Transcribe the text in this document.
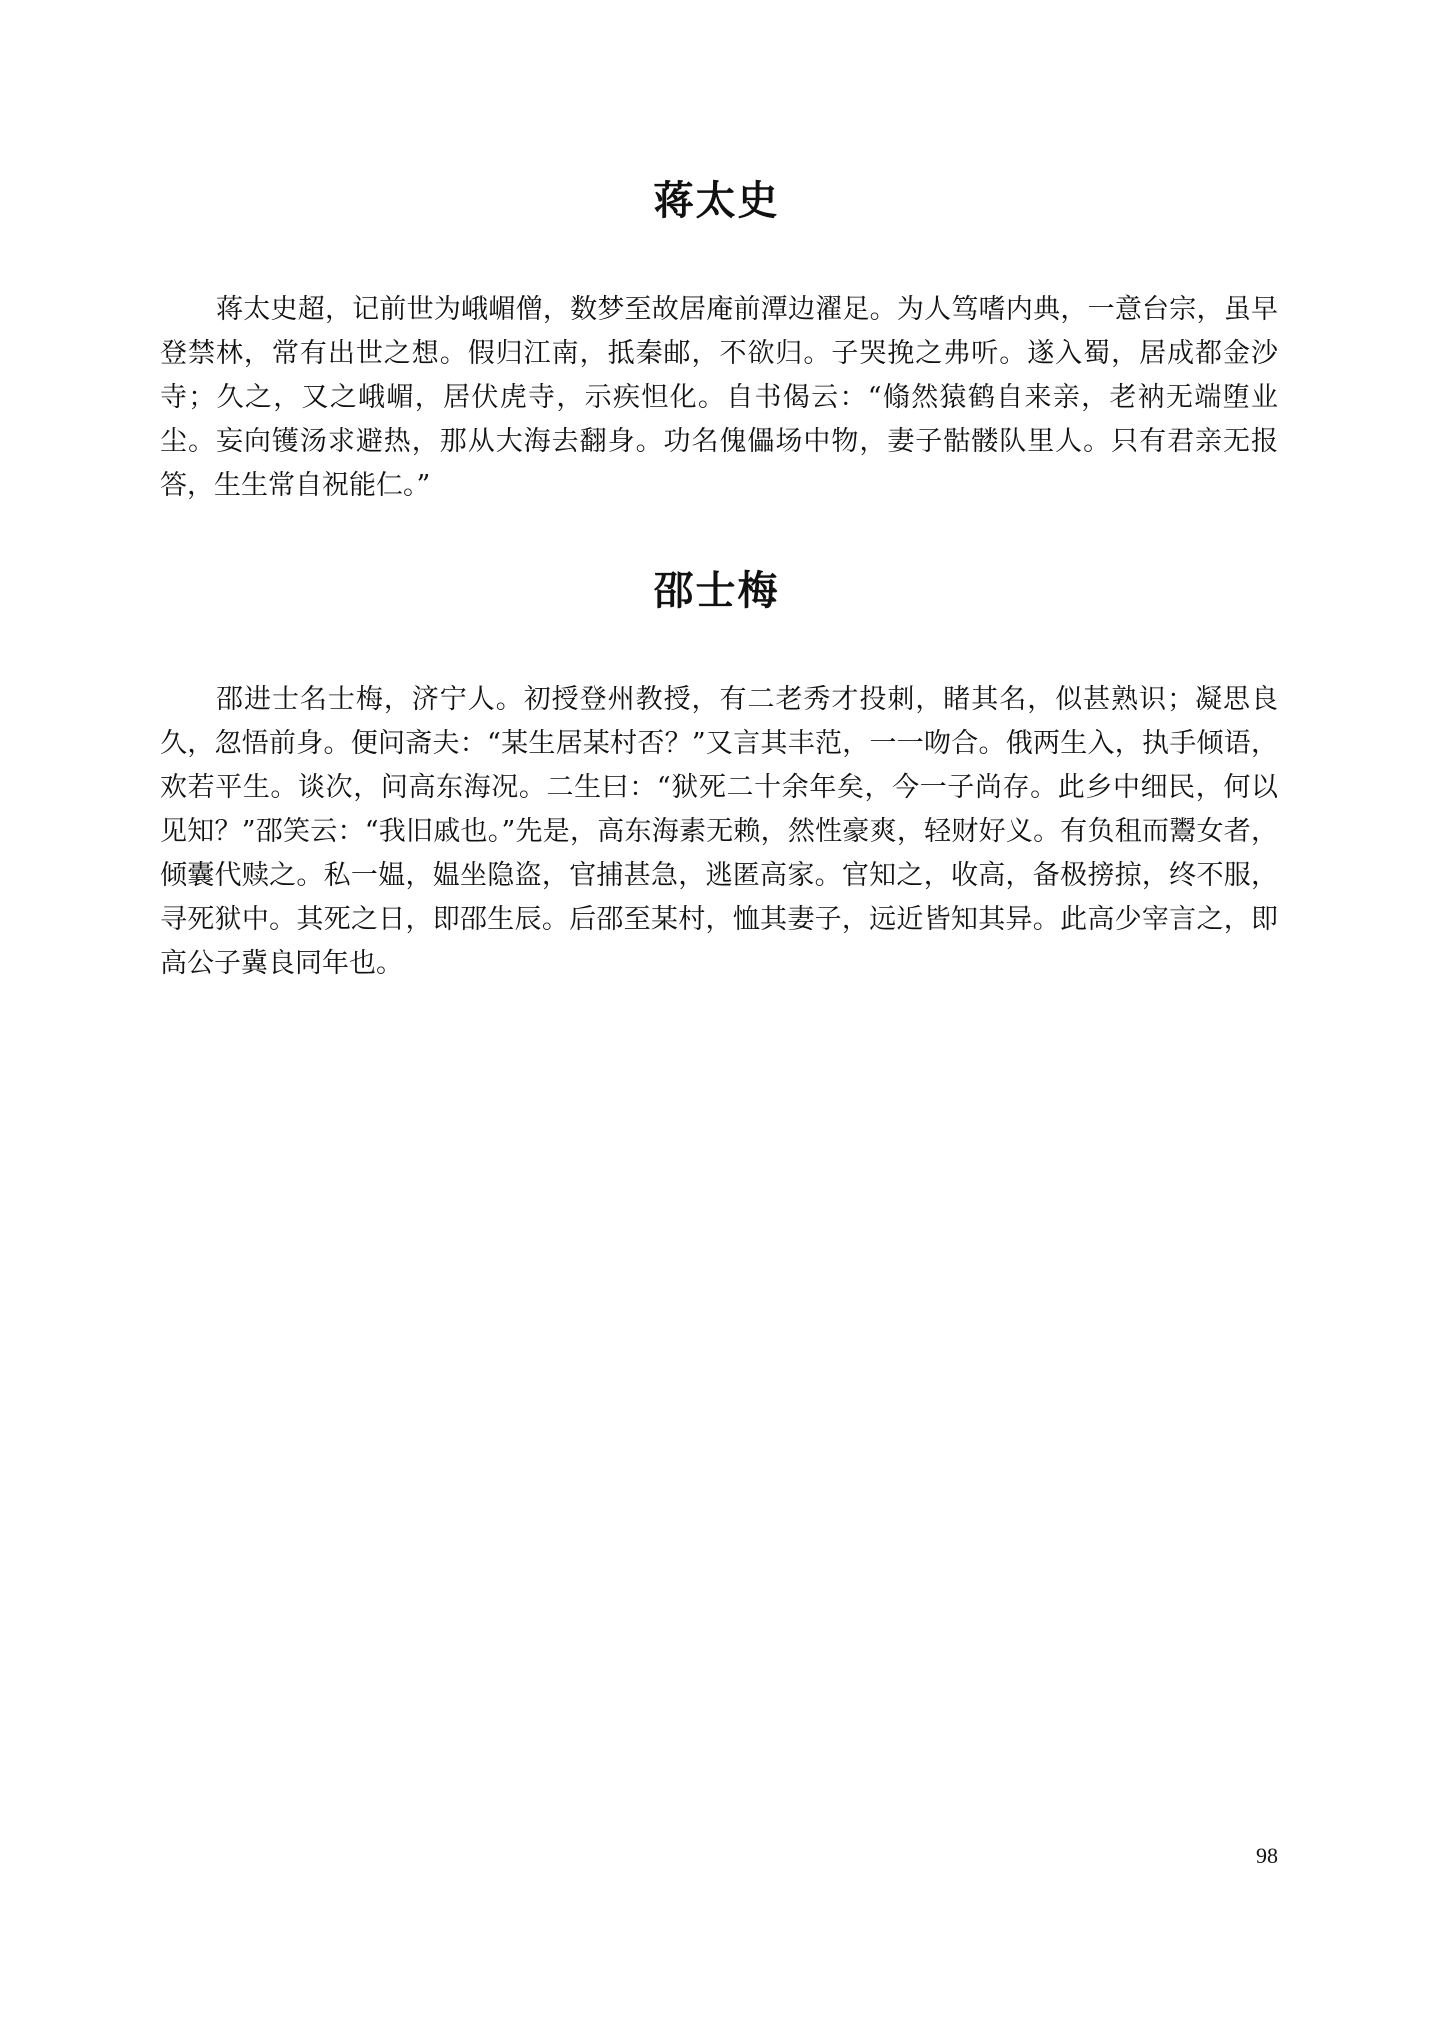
蒋太史

蒋太史超，记前世为峨嵋僧，数梦至故居庵前潭边濯足。为人笃嗜内典，一意台宗，虽早登禁林，常有出世之想。假归江南，抵秦邮，不欲归。子哭挽之弗听。遂入蜀，居成都金沙寺；久之，又之峨嵋，居伏虎寺，示疾怛化。自书偈云：“翛然猿鹤自来亲，老衲无端堕业尘。妄向镬汤求避热，那从大海去翻身。功名傀儡场中物，妻子骷髅队里人。只有君亲无报答，生生常自祝能仁。”

邵士梅

邵进士名士梅，济宁人。初授登州教授，有二老秀才投刺，睹其名，似甚熟识；凝思良久，忽悟前身。便问斋夫：“某生居某村否？”又言其丰范，一一吻合。俄两生入，执手倾语，欢若平生。谈次，问高东海况。二生曰：“狱死二十余年矣，今一子尚存。此乡中细民，何以见知？”邵笑云：“我旧戚也。”先是，高东海素无赖，然性豪爽，轻财好义。有负租而鬻女者，倾囊代赎之。私一媪，媪坐隐盗，官捕甚急，逃匿高家。官知之，收高，备极搒掠，终不服，寻死狱中。其死之日，即邵生辰。后邵至某村，恤其妻子，远近皆知其异。此高少宰言之，即高公子冀良同年也。

98
